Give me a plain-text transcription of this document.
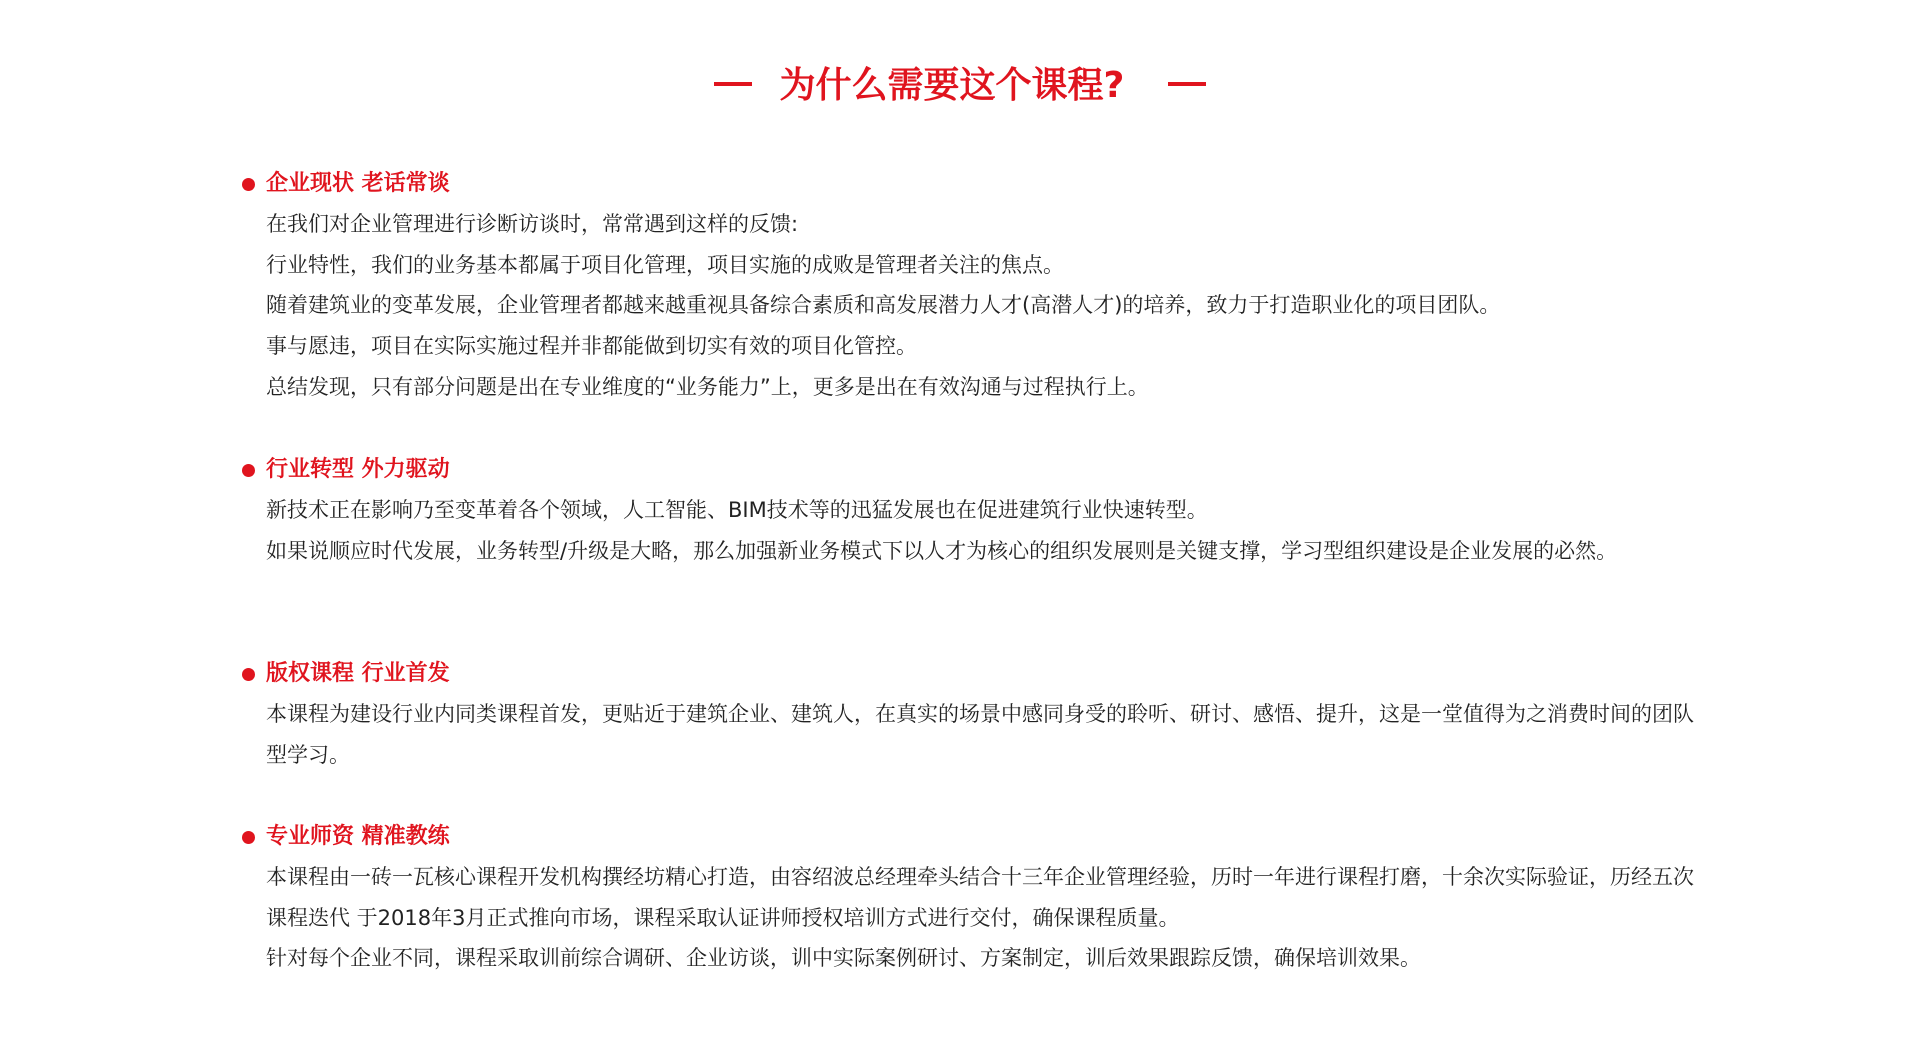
为什么需要这个课程?
企业现状 老话常谈

在我们对企业管理进行诊断访谈时，常常遇到这样的反馈:

行业特性，我们的业务基本都属于项目化管理，项目实施的成败是管理者关注的焦点。

随着建筑业的变革发展，企业管理者都越来越重视具备综合素质和高发展潜力人才(高潜人才)的培养，致力于打造职业化的项目团队。

事与愿违，项目在实际实施过程并非都能做到切实有效的项目化管控。

总结发现，只有部分问题是出在专业维度的“业务能力”上，更多是出在有效沟通与过程执行上。

行业转型 外力驱动

新技术正在影响乃至变革着各个领域，人工智能、BIM技术等的迅猛发展也在促进建筑行业快速转型。

如果说顺应时代发展，业务转型/升级是大略，那么加强新业务模式下以人才为核心的组织发展则是关键支撑，学习型组织建设是企业发展的必然。

版权课程 行业首发

本课程为建设行业内同类课程首发，更贴近于建筑企业、建筑人，在真实的场景中感同身受的聆听、研讨、感悟、提升，这是一堂值得为之消费时间的团队型学习。

专业师资 精准教练

本课程由一砖一瓦核心课程开发机构撰经坊精心打造，由容绍波总经理牵头结合十三年企业管理经验，历时一年进行课程打磨，十余次实际验证，历经五次课程迭代 于2018年3月正式推向市场，课程采取认证讲师授权培训方式进行交付，确保课程质量。

针对每个企业不同，课程采取训前综合调研、企业访谈，训中实际案例研讨、方案制定，训后效果跟踪反馈，确保培训效果。
